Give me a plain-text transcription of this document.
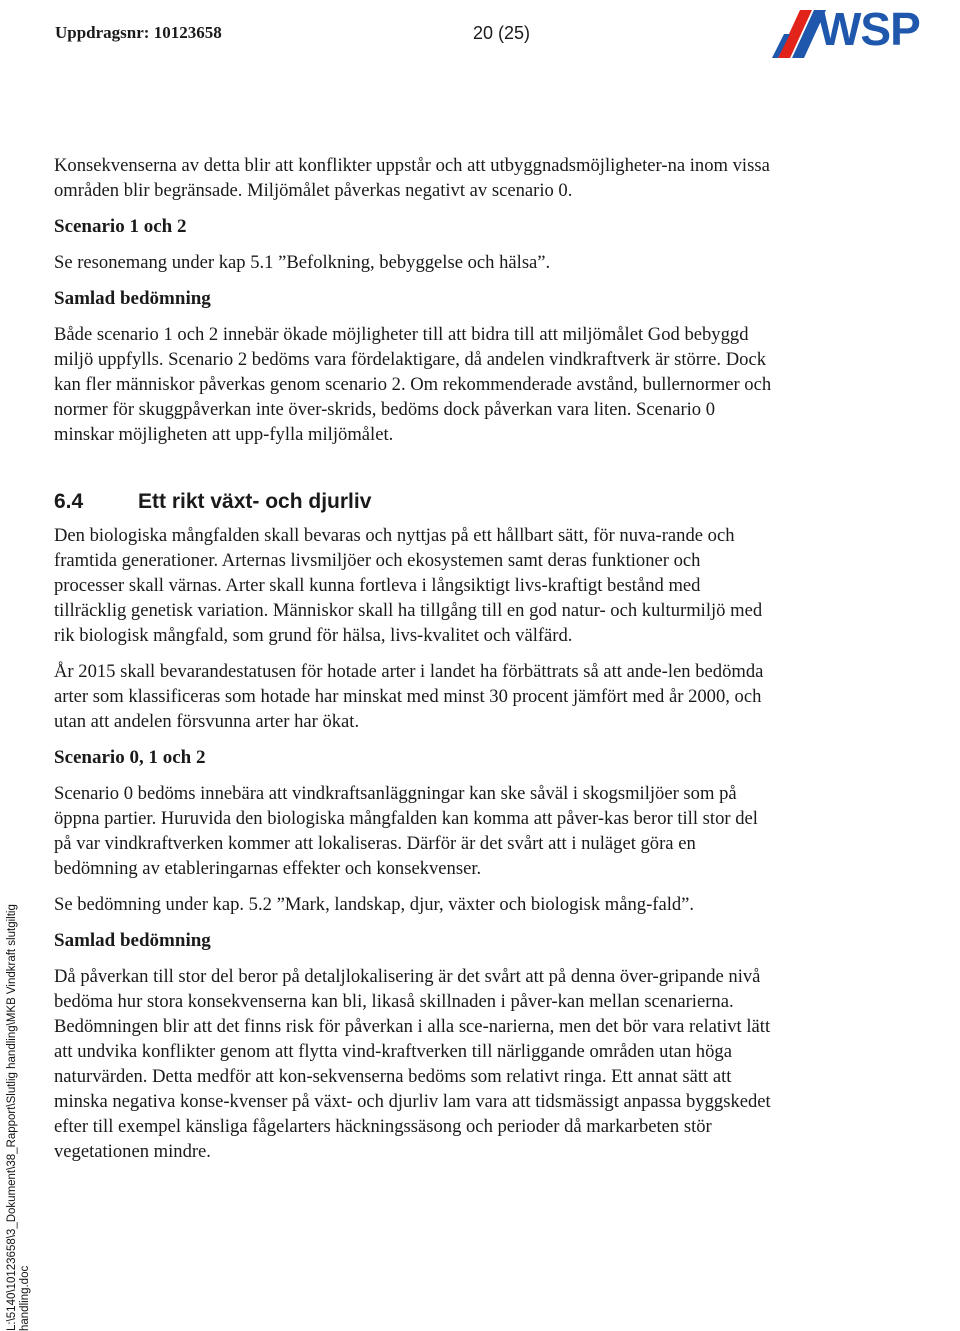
Uppdragsnr: 10123658	20 (25)	WSP

Konsekvenserna av detta blir att konflikter uppstår och att utbyggnadsmöjligheter-na inom vissa områden blir begränsade. Miljömålet påverkas negativt av scenario 0.

Scenario 1 och 2

Se resonemang under kap 5.1 ”Befolkning, bebyggelse och hälsa”.

Samlad bedömning

Både scenario 1 och 2 innebär ökade möjligheter till att bidra till att miljömålet God bebyggd miljö uppfylls. Scenario 2 bedöms vara fördelaktigare, då andelen vindkraftverk är större. Dock kan fler människor påverkas genom scenario 2. Om rekommenderade avstånd, bullernormer och normer för skuggpåverkan inte över-skrids, bedöms dock påverkan vara liten. Scenario 0 minskar möjligheten att upp-fylla miljömålet.

6.4	Ett rikt växt- och djurliv

Den biologiska mångfalden skall bevaras och nyttjas på ett hållbart sätt, för nuva-rande och framtida generationer. Arternas livsmiljöer och ekosystemen samt deras funktioner och processer skall värnas. Arter skall kunna fortleva i långsiktigt livs-kraftigt bestånd med tillräcklig genetisk variation. Människor skall ha tillgång till en god natur- och kulturmiljö med rik biologisk mångfald, som grund för hälsa, livs-kvalitet och välfärd.

År 2015 skall bevarandestatusen för hotade arter i landet ha förbättrats så att ande-len bedömda arter som klassificeras som hotade har minskat med minst 30 procent jämfört med år 2000, och utan att andelen försvunna arter har ökat.

Scenario 0, 1 och 2

Scenario 0 bedöms innebära att vindkraftsanläggningar kan ske såväl i skogsmiljöer som på öppna partier. Huruvida den biologiska mångfalden kan komma att påver-kas beror till stor del på var vindkraftverken kommer att lokaliseras. Därför är det svårt att i nuläget göra en bedömning av etableringarnas effekter och konsekvenser.

Se bedömning under kap. 5.2 ”Mark, landskap, djur, växter och biologisk mång-fald”.

Samlad bedömning

Då påverkan till stor del beror på detaljlokalisering är det svårt att på denna över-gripande nivå bedöma hur stora konsekvenserna kan bli, likaså skillnaden i påver-kan mellan scenarierna. Bedömningen blir att det finns risk för påverkan i alla sce-narierna, men det bör vara relativt lätt att undvika konflikter genom att flytta vind-kraftverken till närliggande områden utan höga naturvärden. Detta medför att kon-sekvenserna bedöms som relativt ringa. Ett annat sätt att minska negativa konse-kvenser på växt- och djurliv lam vara att tidsmässigt anpassa byggskedet efter till exempel känsliga fågelarters häckningssäsong och perioder då markarbeten stör vegetationen mindre.

L:\5140\10123658\3_Dokument\38_Rapport\Slutlig handling\MKB Vindkraft slutgiltig handling.doc
